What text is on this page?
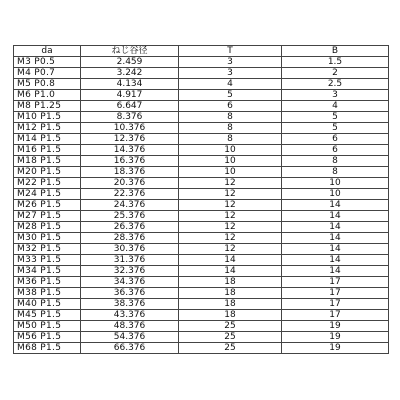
da	ねじ谷径	T	B
M3 P0.5	2.459	3	1.5
M4 P0.7	3.242	3	2
M5 P0.8	4.134	4	2.5
M6 P1.0	4.917	5	3
M8 P1.25	6.647	6	4
M10 P1.5	8.376	8	5
M12 P1.5	10.376	8	5
M14 P1.5	12.376	8	6
M16 P1.5	14.376	10	6
M18 P1.5	16.376	10	8
M20 P1.5	18.376	10	8
M22 P1.5	20.376	12	10
M24 P1.5	22.376	12	10
M26 P1.5	24.376	12	14
M27 P1.5	25.376	12	14
M28 P1.5	26.376	12	14
M30 P1.5	28.376	12	14
M32 P1.5	30.376	12	14
M33 P1.5	31.376	14	14
M34 P1.5	32.376	14	14
M36 P1.5	34.376	18	17
M38 P1.5	36.376	18	17
M40 P1.5	38.376	18	17
M45 P1.5	43.376	18	17
M50 P1.5	48.376	25	19
M56 P1.5	54.376	25	19
M68 P1.5	66.376	25	19
